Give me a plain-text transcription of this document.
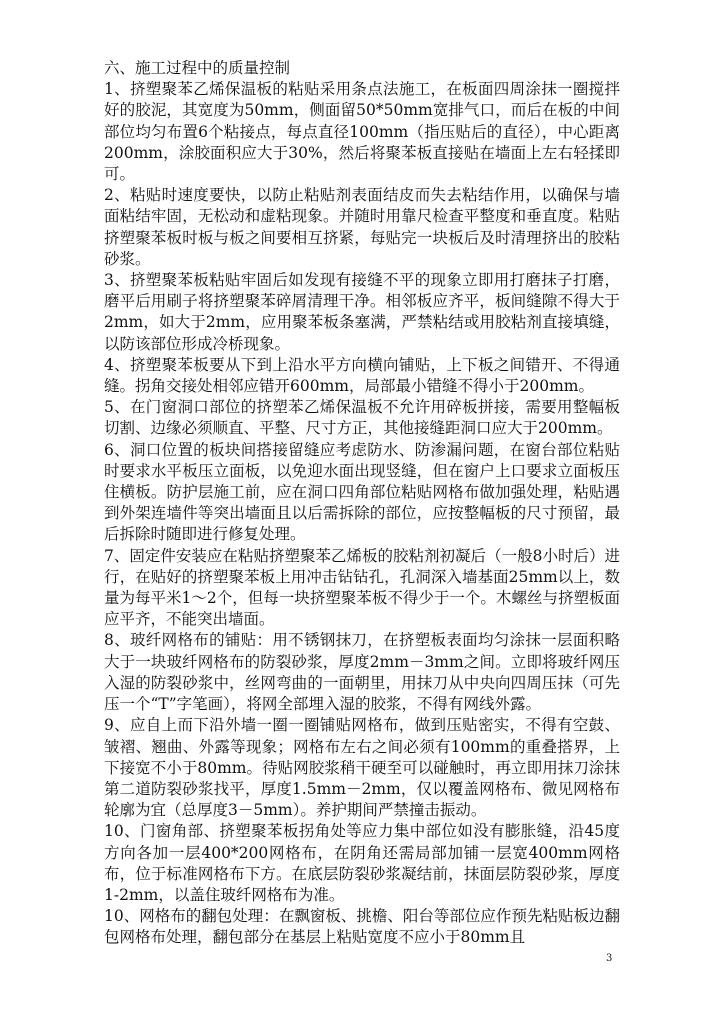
六、施工过程中的质量控制

1、挤塑聚苯乙烯保温板的粘贴采用条点法施工，在板面四周涂抹一圈搅拌好的胶泥，其宽度为50mm，侧面留50*50mm宽排气口，而后在板的中间部位均匀布置6个粘接点，每点直径100mm（指压贴后的直径），中心距离200mm，涂胶面积应大于30%，然后将聚苯板直接贴在墙面上左右轻揉即可。

2、粘贴时速度要快，以防止粘贴剂表面结皮而失去粘结作用，以确保与墙面粘结牢固，无松动和虚粘现象。并随时用靠尺检查平整度和垂直度。粘贴挤塑聚苯板时板与板之间要相互挤紧，每贴完一块板后及时清理挤出的胶粘砂浆。

3、挤塑聚苯板粘贴牢固后如发现有接缝不平的现象立即用打磨抹子打磨，磨平后用刷子将挤塑聚苯碎屑清理干净。相邻板应齐平，板间缝隙不得大于2mm，如大于2mm，应用聚苯板条塞满，严禁粘结或用胶粘剂直接填缝，以防该部位形成冷桥现象。

4、挤塑聚苯板要从下到上沿水平方向横向铺贴，上下板之间错开、不得通缝。拐角交接处相邻应错开600mm，局部最小错缝不得小于200mm。

5、在门窗洞口部位的挤塑苯乙烯保温板不允许用碎板拼接，需要用整幅板切割、边缘必须顺直、平整、尺寸方正，其他接缝距洞口应大于200mm。

6、洞口位置的板块间搭接留缝应考虑防水、防渗漏问题，在窗台部位粘贴时要求水平板压立面板，以免迎水面出现竖缝，但在窗户上口要求立面板压住横板。防护层施工前，应在洞口四角部位粘贴网格布做加强处理，粘贴遇到外架连墙件等突出墙面且以后需拆除的部位，应按整幅板的尺寸预留，最后拆除时随即进行修复处理。

7、固定件安装应在粘贴挤塑聚苯乙烯板的胶粘剂初凝后（一般8小时后）进行，在贴好的挤塑聚苯板上用冲击钻钻孔，孔洞深入墙基面25mm以上，数量为每平米1～2个，但每一块挤塑聚苯板不得少于一个。木螺丝与挤塑板面应平齐，不能突出墙面。

8、玻纤网格布的铺贴：用不锈钢抹刀，在挤塑板表面均匀涂抹一层面积略大于一块玻纤网格布的防裂砂浆，厚度2mm－3mm之间。立即将玻纤网压入湿的防裂砂浆中，丝网弯曲的一面朝里，用抹刀从中央向四周压抹（可先压一个“T”字笔画），将网全部埋入湿的胶浆，不得有网线外露。

9、应自上而下沿外墙一圈一圈铺贴网格布，做到压贴密实，不得有空鼓、皱褶、翘曲、外露等现象；网格布左右之间必须有100mm的重叠搭界，上下接宽不小于80mm。待贴网胶浆稍干硬至可以碰触时，再立即用抹刀涂抹第二道防裂砂浆找平，厚度1.5mm－2mm，仅以覆盖网格布、微见网格布轮廓为宜（总厚度3－5mm）。养护期间严禁撞击振动。

10、门窗角部、挤塑聚苯板拐角处等应力集中部位如没有膨胀缝，沿45度方向各加一层400*200网格布，在阴角还需局部加铺一层宽400mm网格布，位于标准网格布下方。在底层防裂砂浆凝结前，抹面层防裂砂浆，厚度1-2mm，以盖住玻纤网格布为准。

10、网格布的翻包处理：在飘窗板、挑檐、阳台等部位应作预先粘贴板边翻包网格布处理，翻包部分在基层上粘贴宽度不应小于80mm且

3
